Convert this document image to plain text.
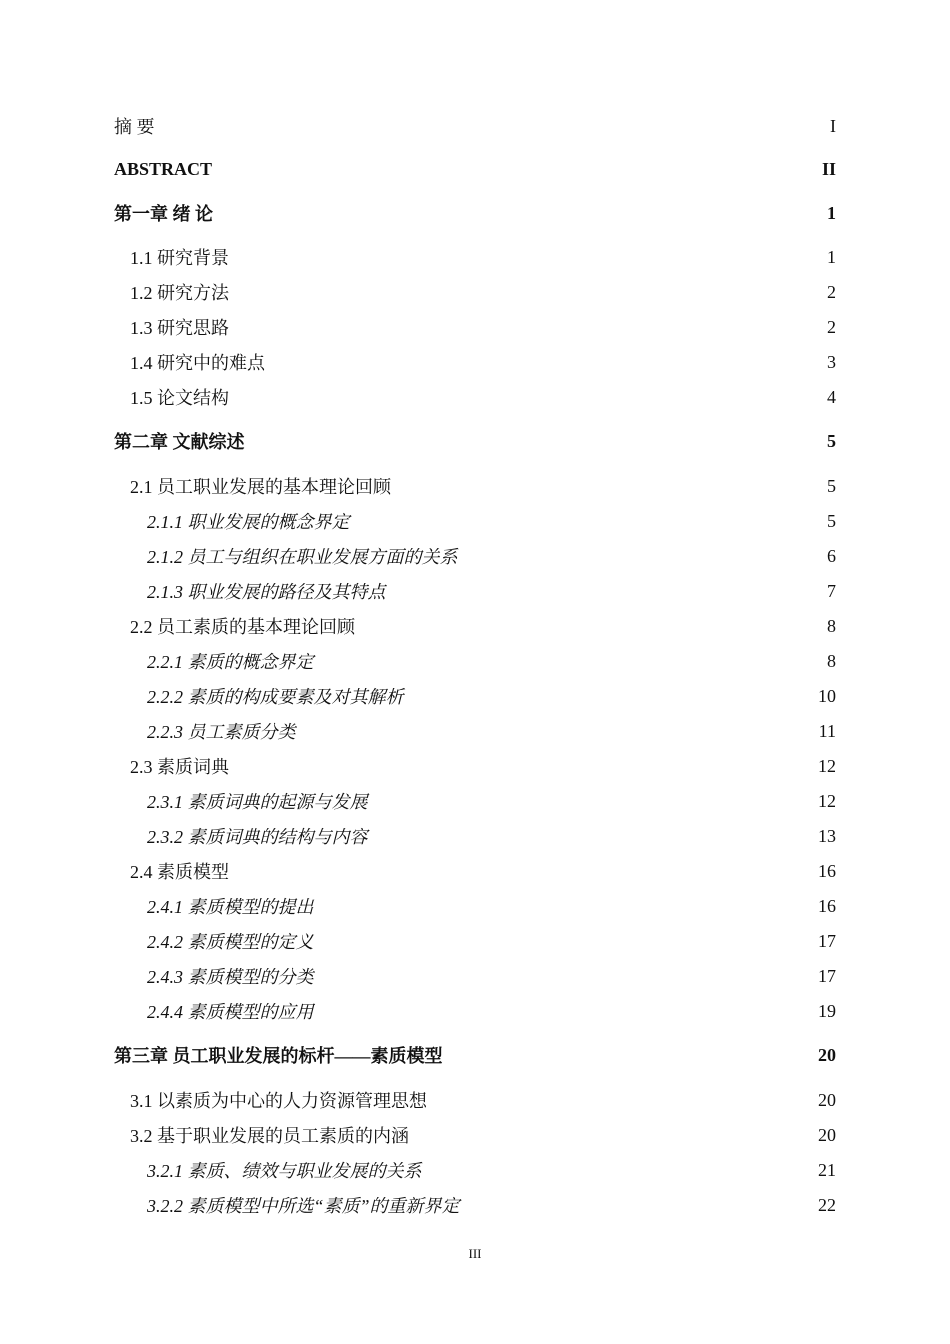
摘 要	I
ABSTRACT	II
第一章 绪 论	1
1.1 研究背景	1
1.2 研究方法	2
1.3 研究思路	2
1.4 研究中的难点	3
1.5 论文结构	4
第二章 文献综述	5
2.1 员工职业发展的基本理论回顾	5
2.1.1 职业发展的概念界定	5
2.1.2 员工与组织在职业发展方面的关系	6
2.1.3 职业发展的路径及其特点	7
2.2 员工素质的基本理论回顾	8
2.2.1 素质的概念界定	8
2.2.2 素质的构成要素及对其解析	10
2.2.3 员工素质分类	11
2.3 素质词典	12
2.3.1 素质词典的起源与发展	12
2.3.2 素质词典的结构与内容	13
2.4 素质模型	16
2.4.1 素质模型的提出	16
2.4.2 素质模型的定义	17
2.4.3 素质模型的分类	17
2.4.4 素质模型的应用	19
第三章 员工职业发展的标杆——素质模型	20
3.1 以素质为中心的人力资源管理思想	20
3.2 基于职业发展的员工素质的内涵	20
3.2.1 素质、绩效与职业发展的关系	21
3.2.2 素质模型中所选“素质”的重新界定	22
III
